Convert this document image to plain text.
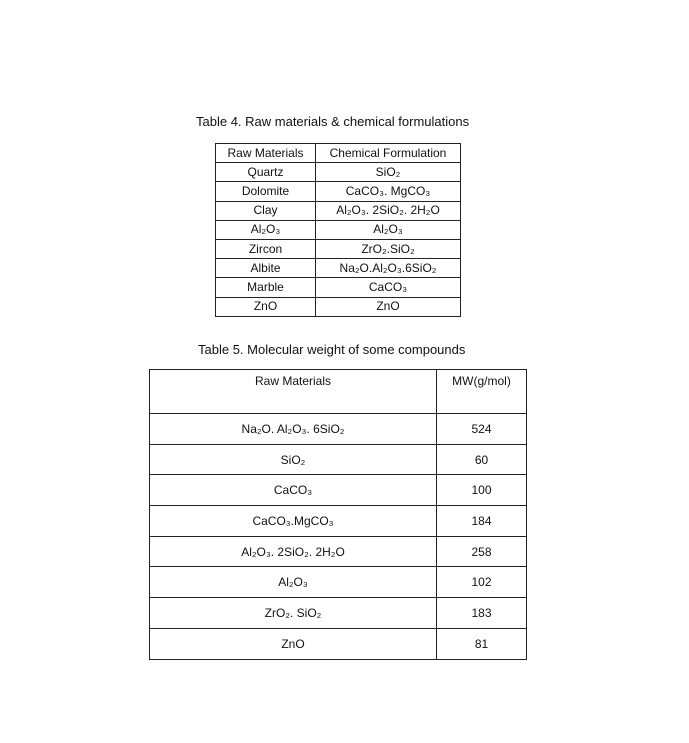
Table 4. Raw materials & chemical formulations
Raw Materials	Chemical Formulation
Quartz	SiO₂
Dolomite	CaCO₃. MgCO₃
Clay	Al₂O₃. 2SiO₂. 2H₂O
Al₂O₃	Al₂O₃
Zircon	ZrO₂.SiO₂
Albite	Na₂O.Al₂O₃.6SiO₂
Marble	CaCO₃
ZnO	ZnO
Table 5. Molecular weight of some compounds
Raw Materials	MW(g/mol)
Na₂O. Al₂O₃. 6SiO₂	524
SiO₂	60
CaCO₃	100
CaCO₃.MgCO₃	184
Al₂O₃. 2SiO₂. 2H₂O	258
Al₂O₃	102
ZrO₂. SiO₂	183
ZnO	81
